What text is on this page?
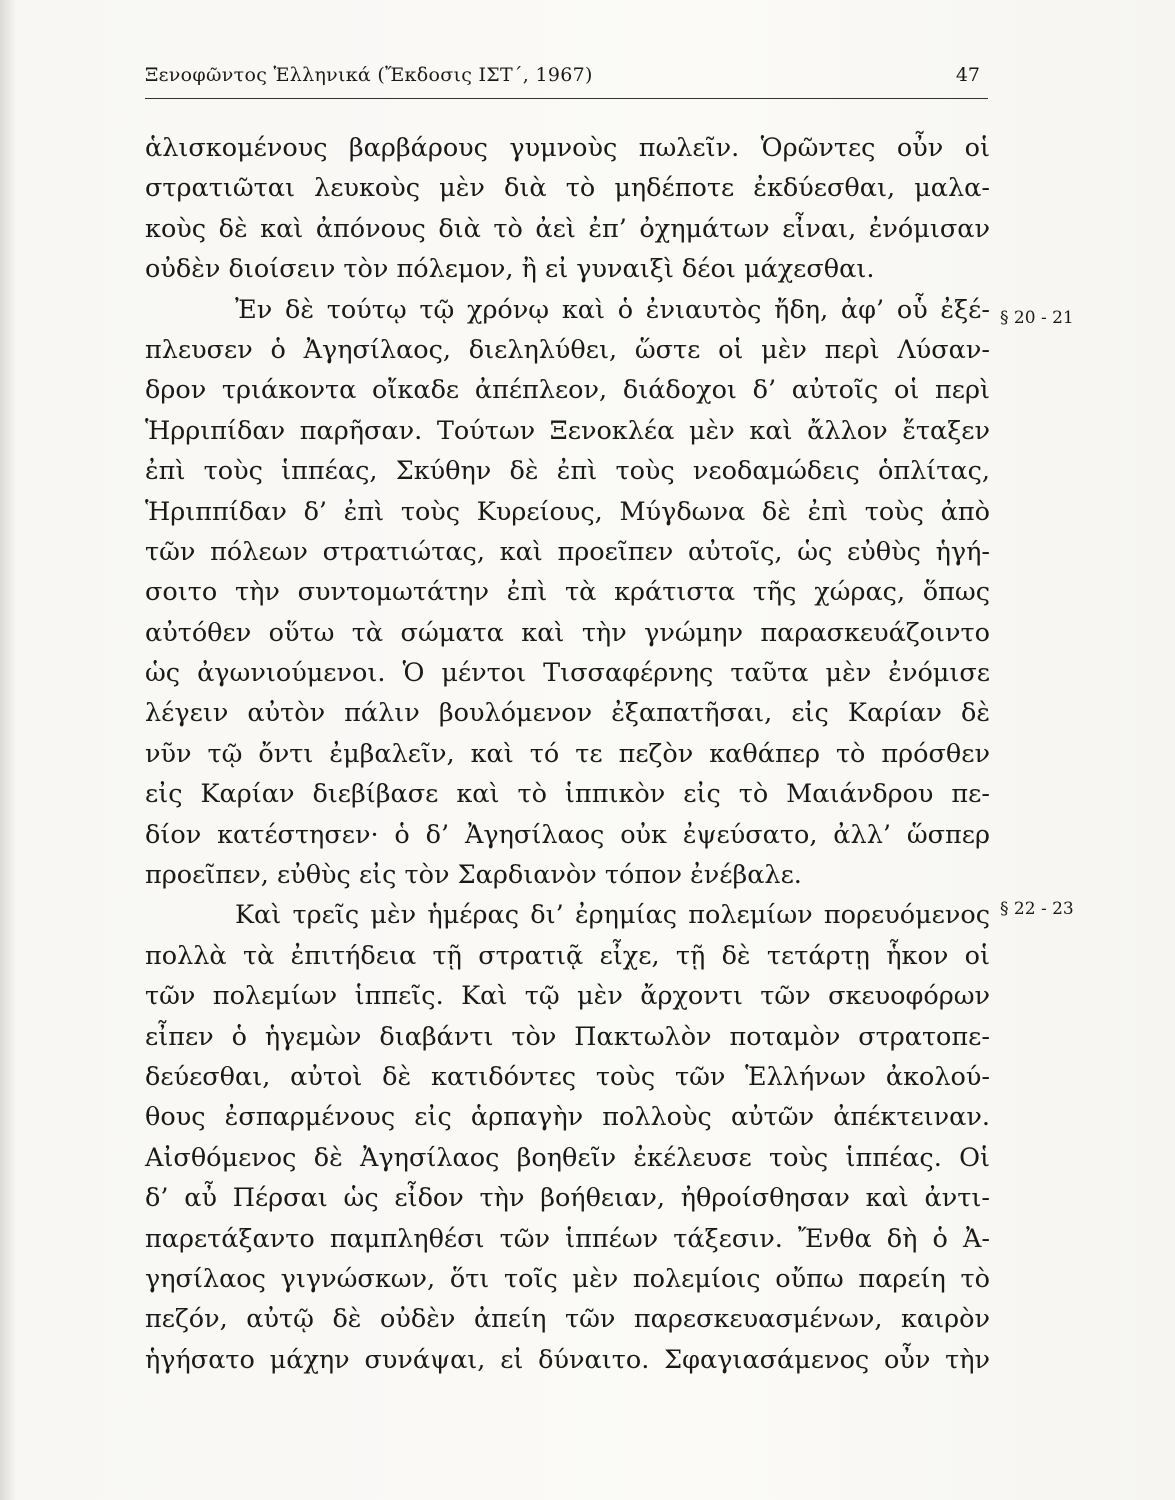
Ξενοφῶντος Ἑλληνικά (Ἔκδοσις ΙΣΤ΄, 1967)	47
ἁλισκομένους βαρβάρους γυμνοὺς πωλεῖν. Ὁρῶντες οὖν οἱ
στρατιῶται λευκοὺς μὲν διὰ τὸ μηδέποτε ἐκδύεσθαι, μαλα-
κοὺς δὲ καὶ ἀπόνους διὰ τὸ ἀεὶ ἐπ’ ὀχημάτων εἶναι, ἐνόμισαν
οὐδὲν διοίσειν τὸν πόλεμον, ἢ εἰ γυναιξὶ δέοι μάχεσθαι.
Ἐν δὲ τούτῳ τῷ χρόνῳ καὶ ὁ ἐνιαυτὸς ἤδη, ἀφ’ οὗ ἐξέ-
πλευσεν ὁ Ἀγησίλαος, διεληλύθει, ὥστε οἱ μὲν περὶ Λύσαν-
δρον τριάκοντα οἴκαδε ἀπέπλεον, διάδοχοι δ’ αὐτοῖς οἱ περὶ
Ἡρριπίδαν παρῆσαν. Τούτων Ξενοκλέα μὲν καὶ ἄλλον ἔταξεν
ἐπὶ τοὺς ἱππέας, Σκύθην δὲ ἐπὶ τοὺς νεοδαμώδεις ὁπλίτας,
Ἡριππίδαν δ’ ἐπὶ τοὺς Κυρείους, Μύγδωνα δὲ ἐπὶ τοὺς ἀπὸ
τῶν πόλεων στρατιώτας, καὶ προεῖπεν αὐτοῖς, ὡς εὐθὺς ἡγή-
σοιτο τὴν συντομωτάτην ἐπὶ τὰ κράτιστα τῆς χώρας, ὅπως
αὐτόθεν οὕτω τὰ σώματα καὶ τὴν γνώμην παρασκευάζοιντο
ὡς ἀγωνιούμενοι. Ὁ μέντοι Τισσαφέρνης ταῦτα μὲν ἐνόμισε
λέγειν αὐτὸν πάλιν βουλόμενον ἐξαπατῆσαι, εἰς Καρίαν δὲ
νῦν τῷ ὄντι ἐμβαλεῖν, καὶ τό τε πεζὸν καθάπερ τὸ πρόσθεν
εἰς Καρίαν διεβίβασε καὶ τὸ ἱππικὸν εἰς τὸ Μαιάνδρου πε-
δίον κατέστησεν· ὁ δ’ Ἀγησίλαος οὐκ ἐψεύσατο, ἀλλ’ ὥσπερ
προεῖπεν, εὐθὺς εἰς τὸν Σαρδιανὸν τόπον ἐνέβαλε.
Καὶ τρεῖς μὲν ἡμέρας δι’ ἐρημίας πολεμίων πορευόμενος
πολλὰ τὰ ἐπιτήδεια τῇ στρατιᾷ εἶχε, τῇ δὲ τετάρτῃ ἧκον οἱ
τῶν πολεμίων ἱππεῖς. Καὶ τῷ μὲν ἄρχοντι τῶν σκευοφόρων
εἶπεν ὁ ἡγεμὼν διαβάντι τὸν Πακτωλὸν ποταμὸν στρατοπε-
δεύεσθαι, αὐτοὶ δὲ κατιδόντες τοὺς τῶν Ἑλλήνων ἀκολού-
θους ἐσπαρμένους εἰς ἁρπαγὴν πολλοὺς αὐτῶν ἀπέκτειναν.
Αἰσθόμενος δὲ Ἀγησίλαος βοηθεῖν ἐκέλευσε τοὺς ἱππέας. Οἱ
δ’ αὖ Πέρσαι ὡς εἶδον τὴν βοήθειαν, ἠθροίσθησαν καὶ ἀντι-
παρετάξαντο παμπληθέσι τῶν ἱππέων τάξεσιν. Ἔνθα δὴ ὁ Ἀ-
γησίλαος γιγνώσκων, ὅτι τοῖς μὲν πολεμίοις οὔπω παρείη τὸ
πεζόν, αὐτῷ δὲ οὐδὲν ἀπείη τῶν παρεσκευασμένων, καιρὸν
ἡγήσατο μάχην συνάψαι, εἰ δύναιτο. Σφαγιασάμενος οὖν τὴν
§ 20 - 21
§ 22 - 23
